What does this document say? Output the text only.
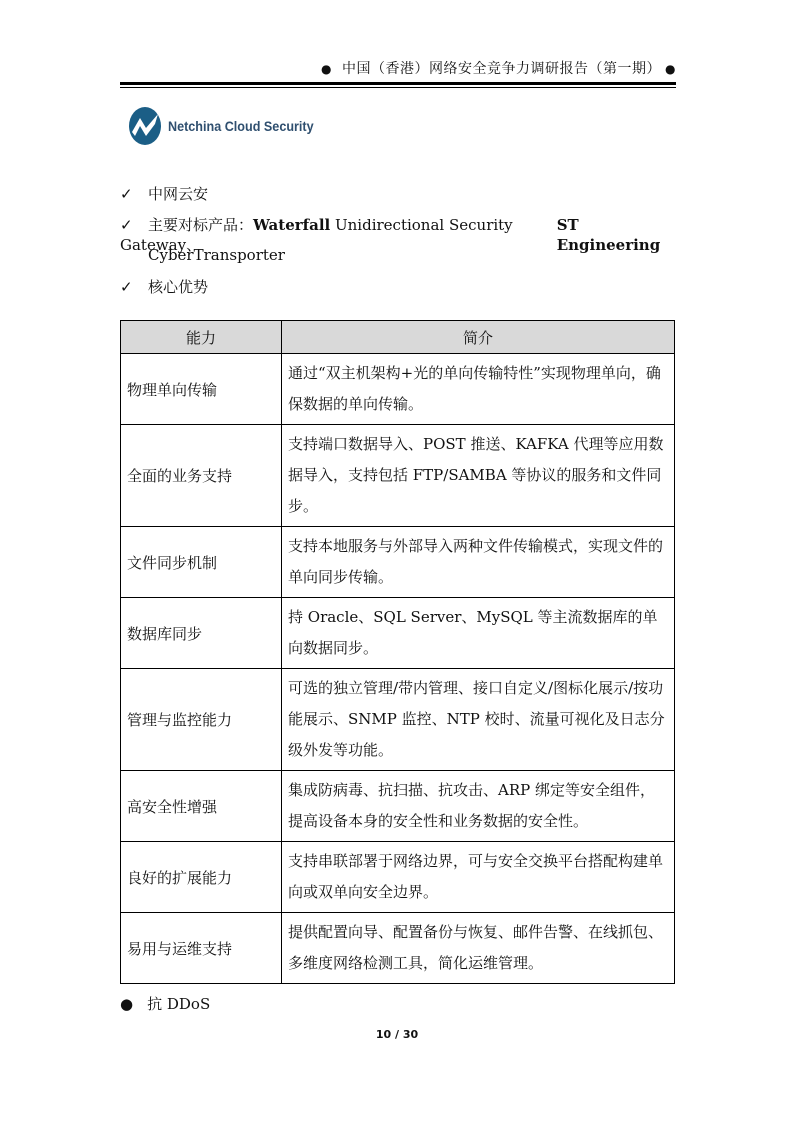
● 中国（香港）网络安全竞争力调研报告（第一期） ●
Netchina Cloud Security
✓ 中网云安
✓ 主要对标产品：Waterfall Unidirectional Security Gateway、
ST Engineering
CyberTransporter
✓ 核心优势
能力	简介
物理单向传输	通过“双主机架构+光的单向传输特性”实现物理单向，确保数据的单向传输。
全面的业务支持	支持端口数据导入、POST 推送、KAFKA 代理等应用数据导入，支持包括 FTP/SAMBA 等协议的服务和文件同步。
文件同步机制	支持本地服务与外部导入两种文件传输模式，实现文件的单向同步传输。
数据库同步	持 Oracle、SQL Server、MySQL 等主流数据库的单向数据同步。
管理与监控能力	可选的独立管理/带内管理、接口自定义/图标化展示/按功能展示、SNMP 监控、NTP 校时、流量可视化及日志分级外发等功能。
高安全性增强	集成防病毒、抗扫描、抗攻击、ARP 绑定等安全组件，提高设备本身的安全性和业务数据的安全性。
良好的扩展能力	支持串联部署于网络边界，可与安全交换平台搭配构建单向或双单向安全边界。
易用与运维支持	提供配置向导、配置备份与恢复、邮件告警、在线抓包、多维度网络检测工具，简化运维管理。
● 抗 DDoS
10 / 30
